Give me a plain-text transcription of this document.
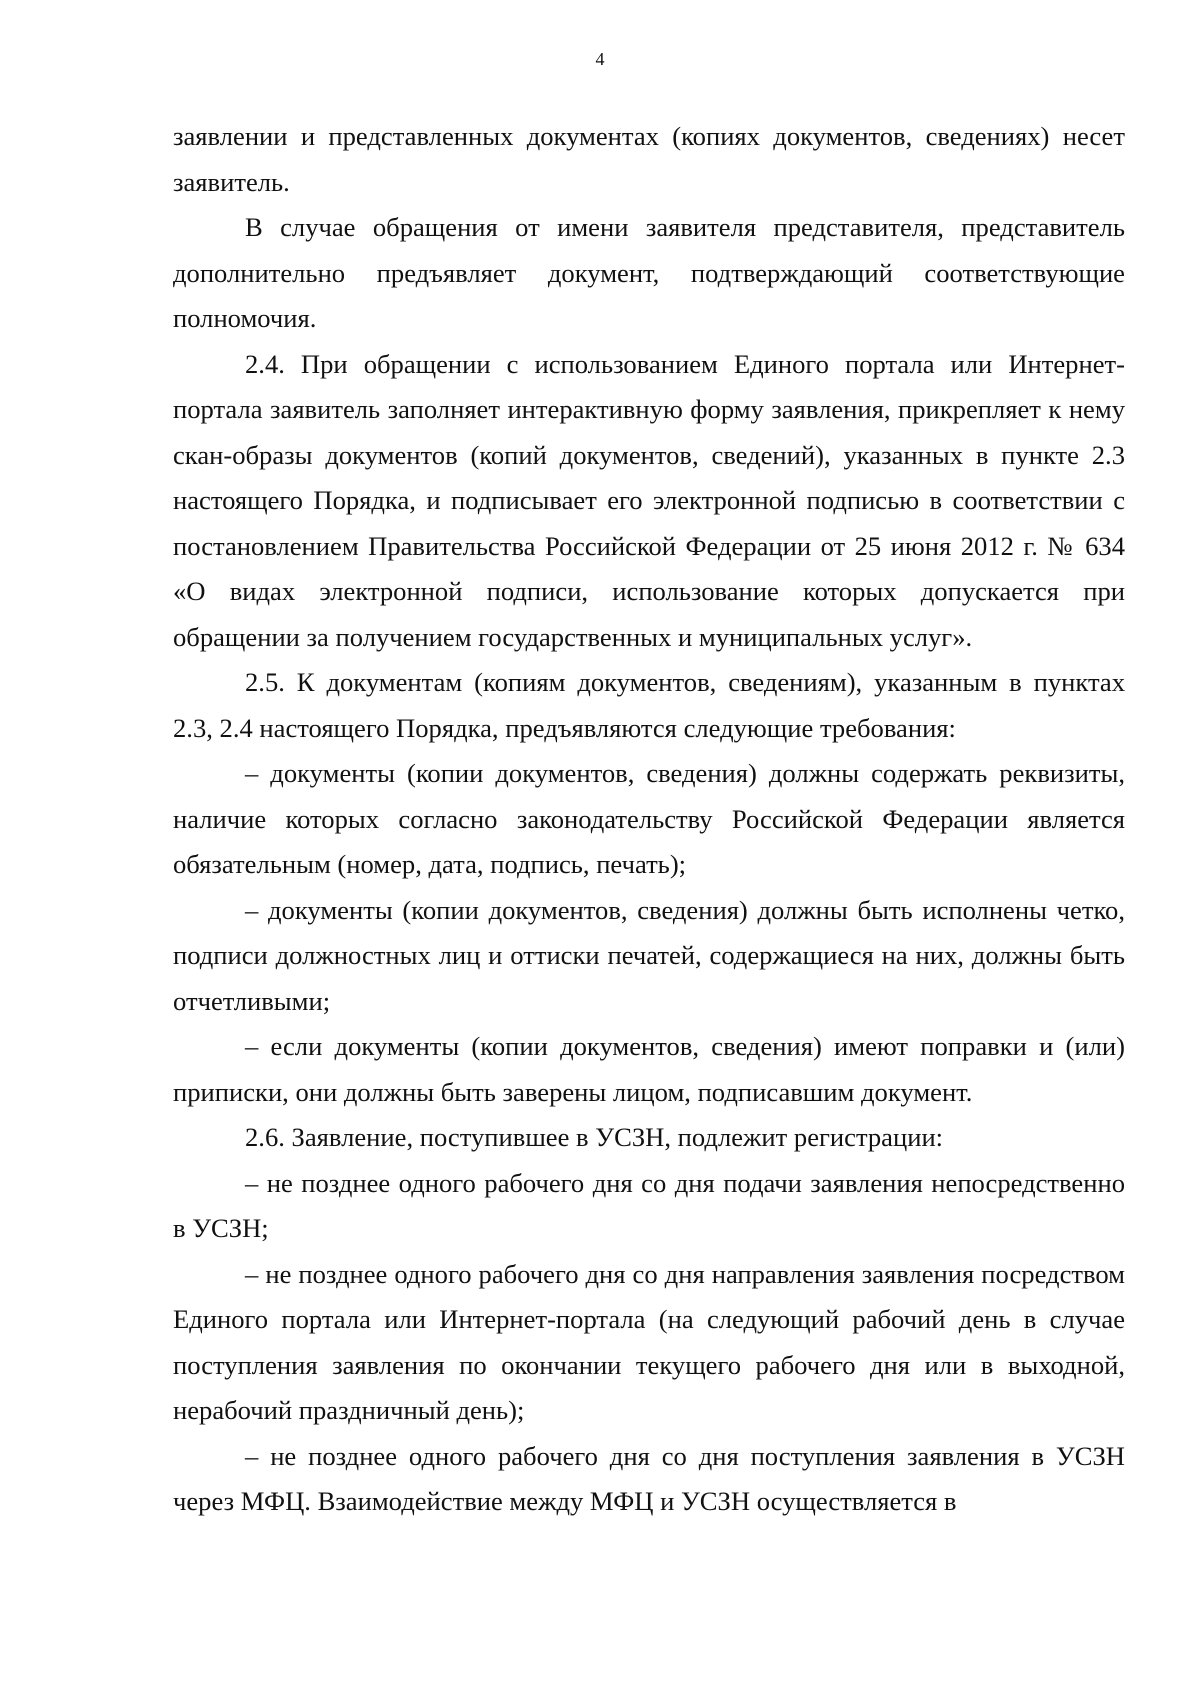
4

заявлении и представленных документах (копиях документов, сведениях) несет заявитель.

В случае обращения от имени заявителя представителя, представитель дополнительно предъявляет документ, подтверждающий соответствующие полномочия.

2.4. При обращении с использованием Единого портала или Интернет-портала заявитель заполняет интерактивную форму заявления, прикрепляет к нему скан-образы документов (копий документов, сведений), указанных в пункте 2.3 настоящего Порядка, и подписывает его электронной подписью в соответствии с постановлением Правительства Российской Федерации от 25 июня 2012 г. № 634 «О видах электронной подписи, использование которых допускается при обращении за получением государственных и муниципальных услуг».

2.5. К документам (копиям документов, сведениям), указанным в пунктах 2.3, 2.4 настоящего Порядка, предъявляются следующие требования:

– документы (копии документов, сведения) должны содержать реквизиты, наличие которых согласно законодательству Российской Федерации является обязательным (номер, дата, подпись, печать);

– документы (копии документов, сведения) должны быть исполнены четко, подписи должностных лиц и оттиски печатей, содержащиеся на них, должны быть отчетливыми;

– если документы (копии документов, сведения) имеют поправки и (или) приписки, они должны быть заверены лицом, подписавшим документ.

2.6. Заявление, поступившее в УСЗН, подлежит регистрации:

– не позднее одного рабочего дня со дня подачи заявления непосредственно в УСЗН;

– не позднее одного рабочего дня со дня направления заявления посредством Единого портала или Интернет-портала (на следующий рабочий день в случае поступления заявления по окончании текущего рабочего дня или в выходной, нерабочий праздничный день);

– не позднее одного рабочего дня со дня поступления заявления в УСЗН через МФЦ. Взаимодействие между МФЦ и УСЗН осуществляется в
